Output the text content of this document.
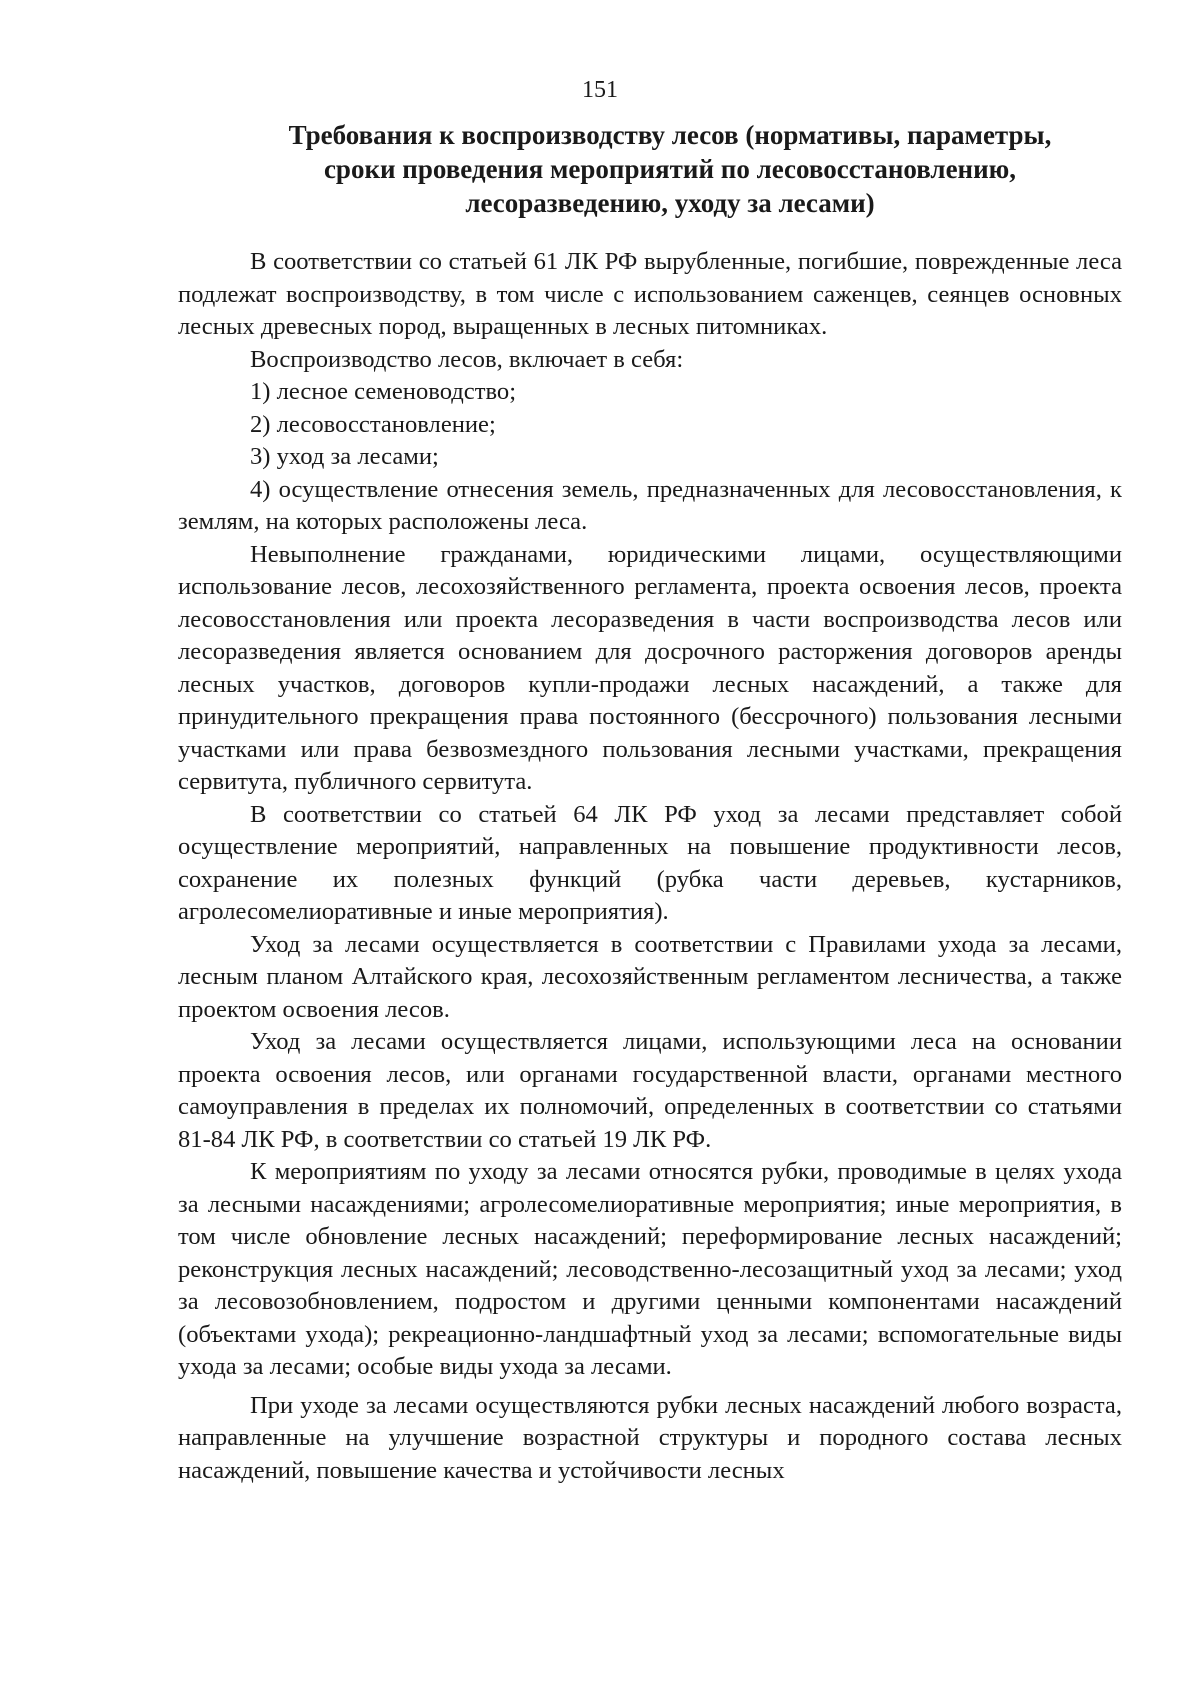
151
Требования к воспроизводству лесов (нормативы, параметры,
сроки проведения мероприятий по лесовосстановлению,
лесоразведению, уходу за лесами)

В соответствии со статьей 61 ЛК РФ вырубленные, погибшие, поврежденные леса подлежат воспроизводству, в том числе с использованием саженцев, сеянцев основных лесных древесных пород, выращенных в лесных питомниках.

Воспроизводство лесов, включает в себя:

1) лесное семеноводство;

2) лесовосстановление;

3) уход за лесами;

4) осуществление отнесения земель, предназначенных для лесовосстановления, к землям, на которых расположены леса.

Невыполнение гражданами, юридическими лицами, осуществляющими использование лесов, лесохозяйственного регламента, проекта освоения лесов, проекта лесовосстановления или проекта лесоразведения в части воспроизводства лесов или лесоразведения является основанием для досрочного расторжения договоров аренды лесных участков, договоров купли-продажи лесных насаждений, а также для принудительного прекращения права постоянного (бессрочного) пользования лесными участками или права безвозмездного пользования лесными участками, прекращения сервитута, публичного сервитута.

В соответствии со статьей 64 ЛК РФ уход за лесами представляет собой осуществление мероприятий, направленных на повышение продуктивности лесов, сохранение их полезных функций (рубка части деревьев, кустарников, агролесомелиоративные и иные мероприятия).

Уход за лесами осуществляется в соответствии с Правилами ухода за лесами, лесным планом Алтайского края, лесохозяйственным регламентом лесничества, а также проектом освоения лесов.

Уход за лесами осуществляется лицами, использующими леса на основании проекта освоения лесов, или органами государственной власти, органами местного самоуправления в пределах их полномочий, определенных в соответствии со статьями 81-84 ЛК РФ, в соответствии со статьей 19 ЛК РФ.

К мероприятиям по уходу за лесами относятся рубки, проводимые в целях ухода за лесными насаждениями; агролесомелиоративные мероприятия; иные мероприятия, в том числе обновление лесных насаждений; переформирование лесных насаждений; реконструкция лесных насаждений; лесоводственно-лесозащитный уход за лесами; уход за лесовозобновлением, подростом и другими ценными компонентами насаждений (объектами ухода); рекреационно-ландшафтный уход за лесами; вспомогательные виды ухода за лесами; особые виды ухода за лесами.

При уходе за лесами осуществляются рубки лесных насаждений любого возраста, направленные на улучшение возрастной структуры и породного состава лесных насаждений, повышение качества и устойчивости лесных
